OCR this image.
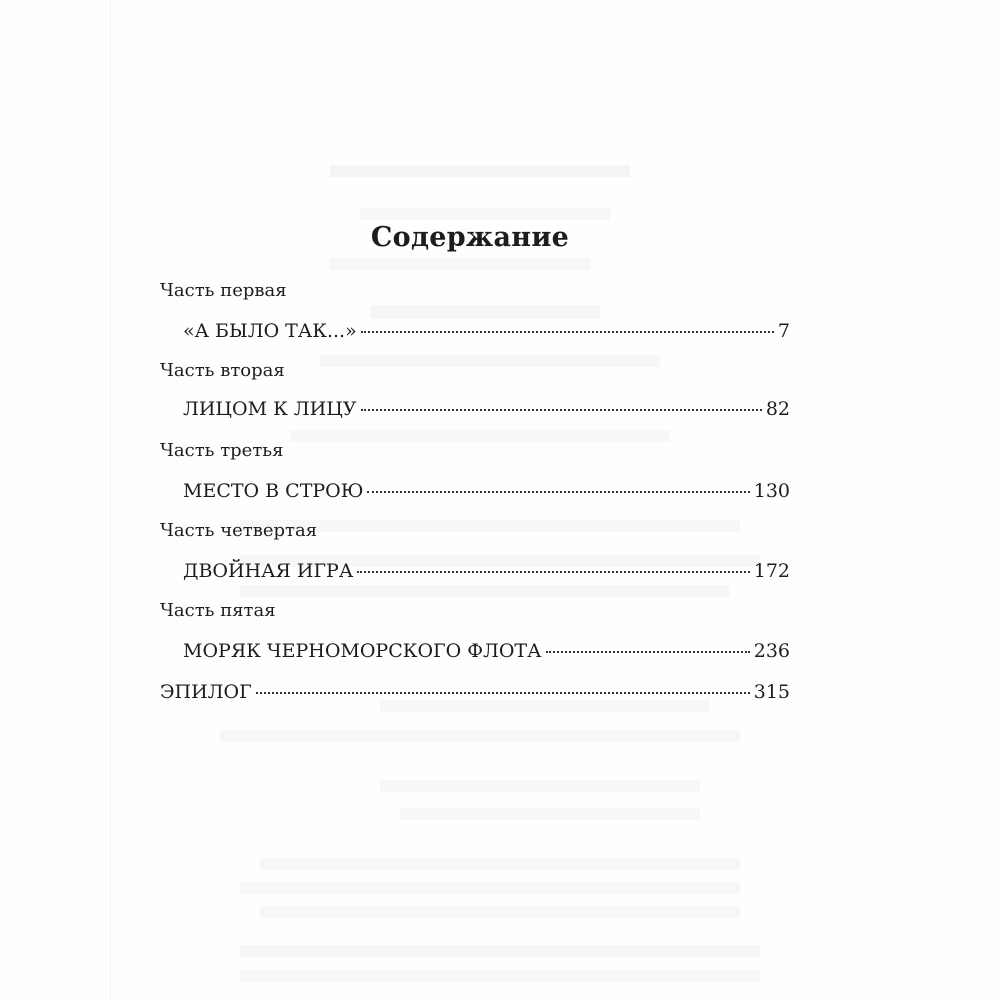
Содержание
Часть первая
«А БЫЛО ТАК...»	7
Часть вторая
ЛИЦОМ К ЛИЦУ	82
Часть третья
МЕСТО В СТРОЮ	130
Часть четвертая
ДВОЙНАЯ ИГРА	172
Часть пятая
МОРЯК ЧЕРНОМОРСКОГО ФЛОТА	236
ЭПИЛОГ	315
